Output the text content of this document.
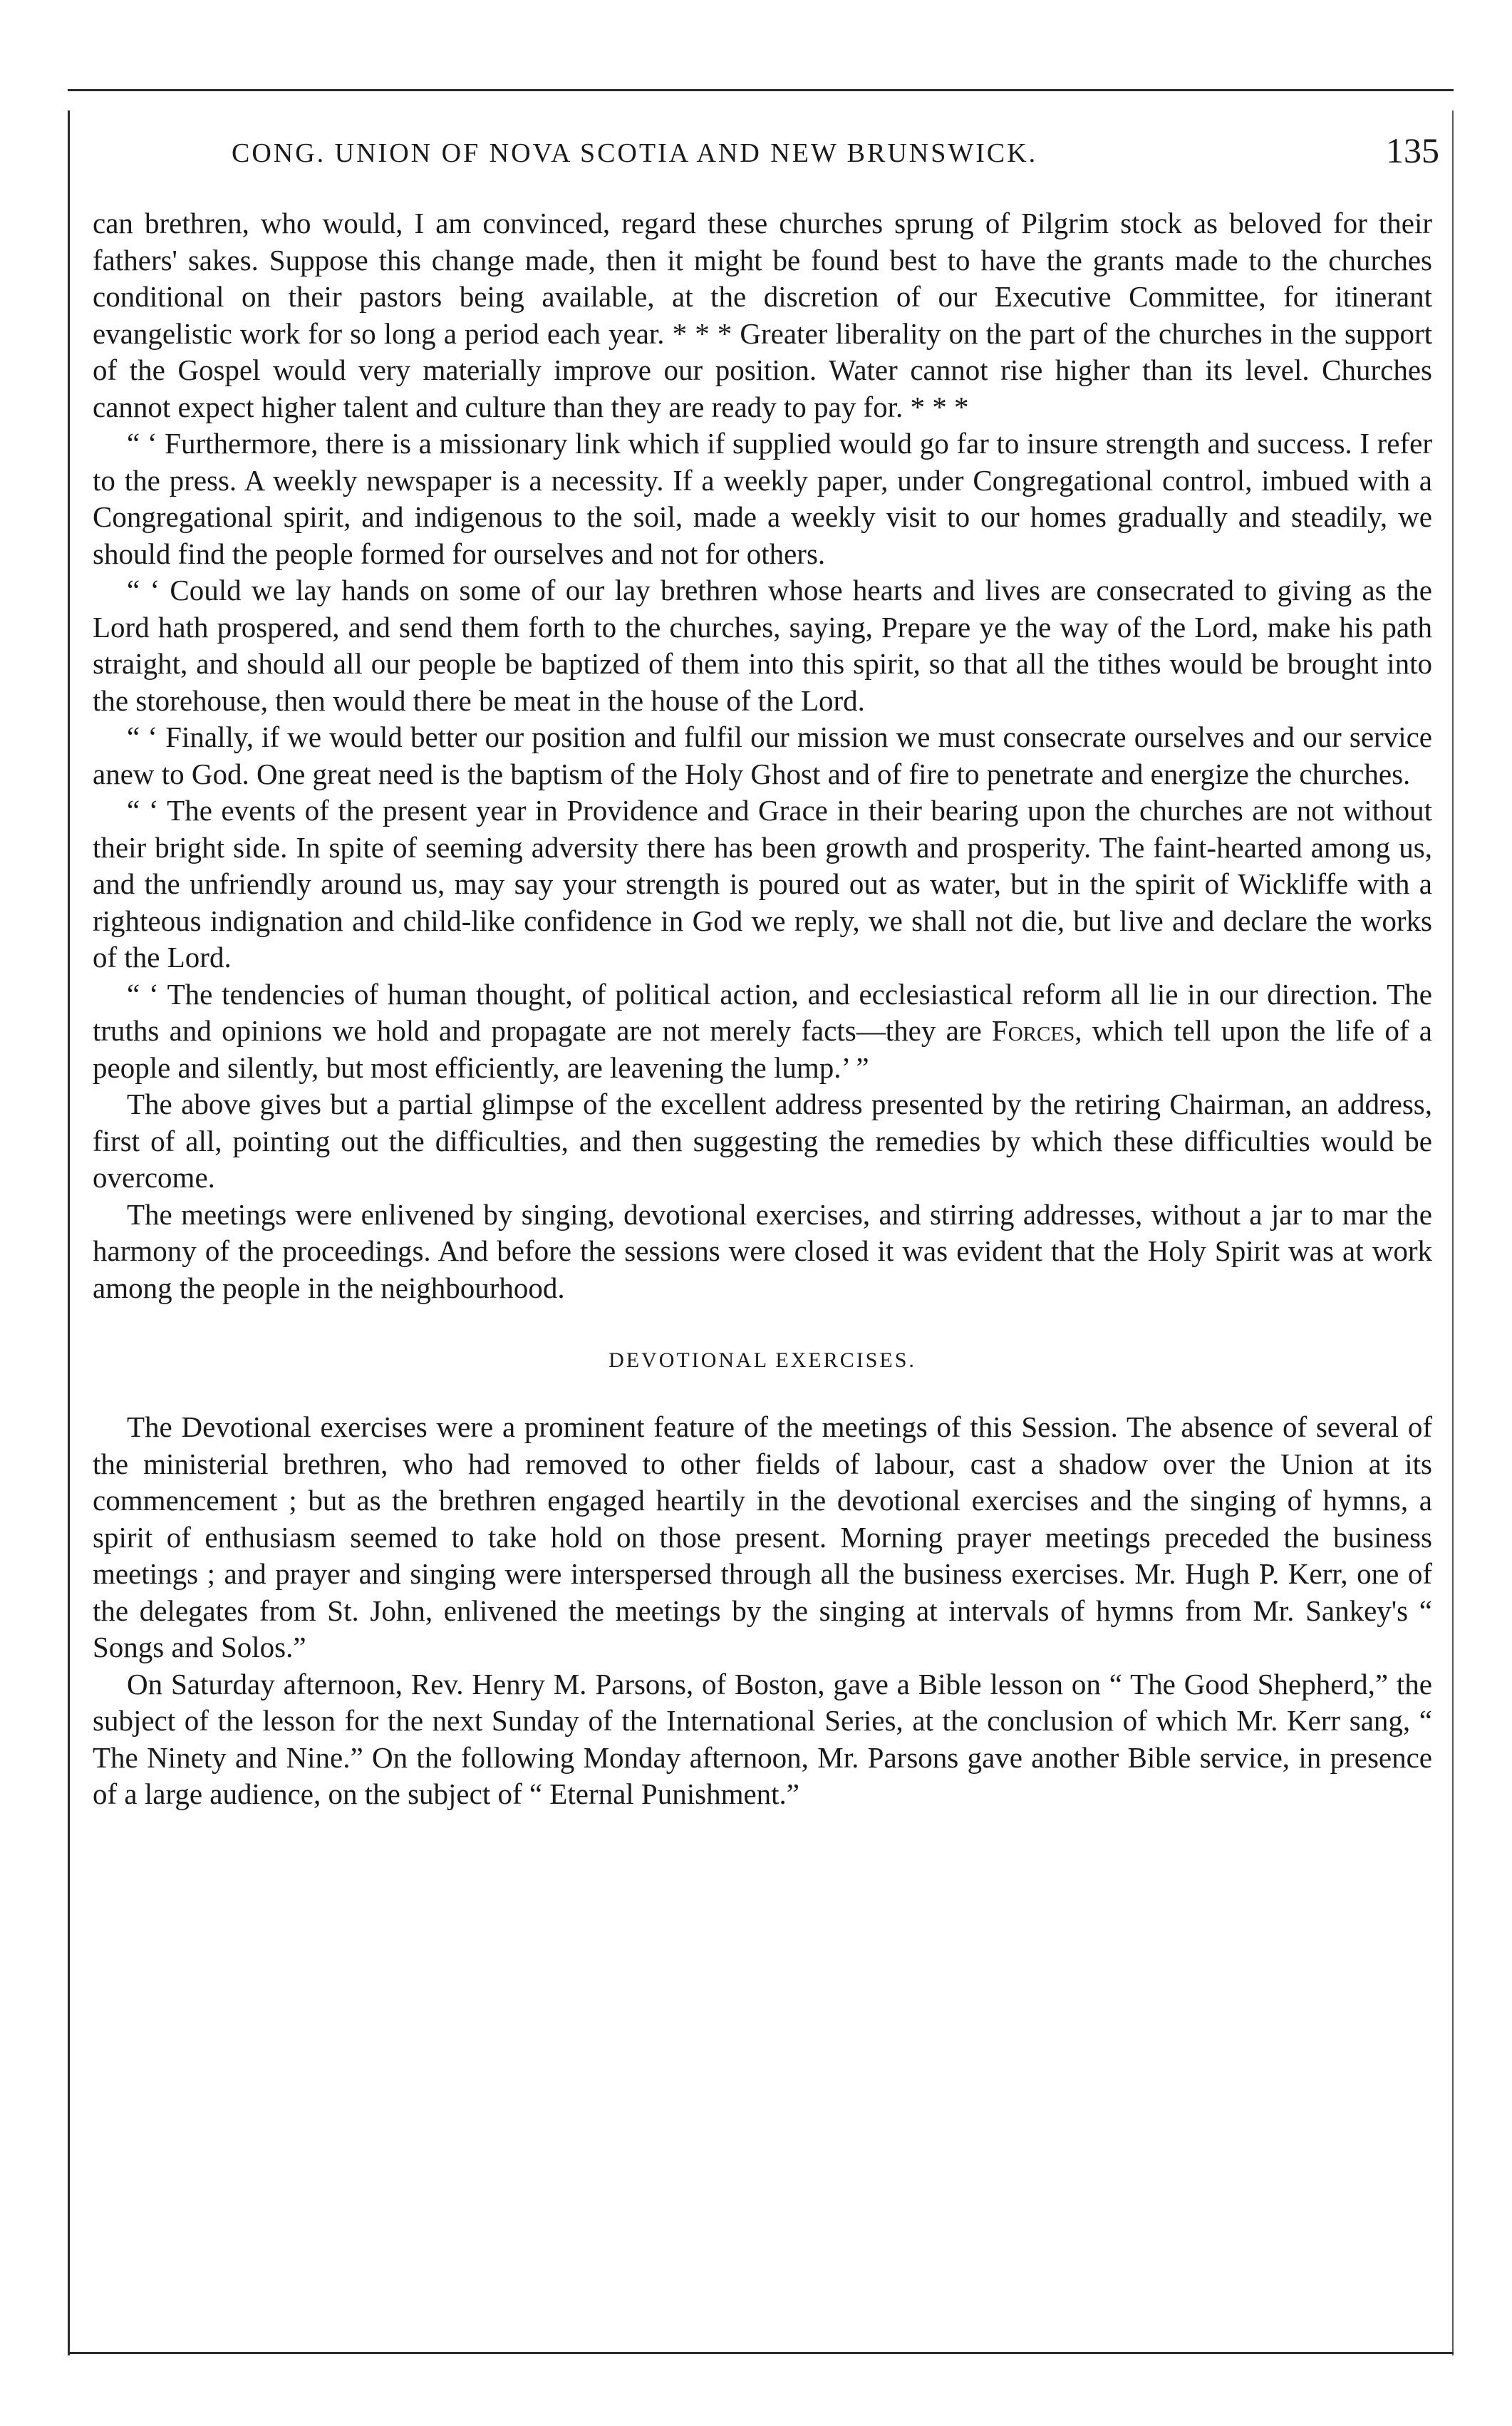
CONG. UNION OF NOVA SCOTIA AND NEW BRUNSWICK.	135

can brethren, who would, I am convinced, regard these churches sprung of Pilgrim stock as beloved for their fathers' sakes. Suppose this change made, then it might be found best to have the grants made to the churches conditional on their pastors being available, at the discretion of our Executive Committee, for itinerant evangelistic work for so long a period each year. * * * Greater liberality on the part of the churches in the support of the Gospel would very materially improve our position. Water cannot rise higher than its level. Churches cannot expect higher talent and culture than they are ready to pay for. * * *

“ ‘ Furthermore, there is a missionary link which if supplied would go far to insure strength and success. I refer to the press. A weekly newspaper is a necessity. If a weekly paper, under Congregational control, imbued with a Congregational spirit, and indigenous to the soil, made a weekly visit to our homes gradually and steadily, we should find the people formed for ourselves and not for others.

“ ‘ Could we lay hands on some of our lay brethren whose hearts and lives are consecrated to giving as the Lord hath prospered, and send them forth to the churches, saying, Prepare ye the way of the Lord, make his path straight, and should all our people be baptized of them into this spirit, so that all the tithes would be brought into the storehouse, then would there be meat in the house of the Lord.

“ ‘ Finally, if we would better our position and fulfil our mission we must consecrate ourselves and our service anew to God. One great need is the baptism of the Holy Ghost and of fire to penetrate and energize the churches.

“ ‘ The events of the present year in Providence and Grace in their bearing upon the churches are not without their bright side. In spite of seeming adversity there has been growth and prosperity. The faint-hearted among us, and the unfriendly around us, may say your strength is poured out as water, but in the spirit of Wickliffe with a righteous indignation and child-like confidence in God we reply, we shall not die, but live and declare the works of the Lord.

“ ‘ The tendencies of human thought, of political action, and ecclesiastical reform all lie in our direction. The truths and opinions we hold and propagate are not merely facts—they are Forces, which tell upon the life of a people and silently, but most efficiently, are leavening the lump.’ ”

The above gives but a partial glimpse of the excellent address presented by the retiring Chairman, an address, first of all, pointing out the difficulties, and then suggesting the remedies by which these difficulties would be overcome.

The meetings were enlivened by singing, devotional exercises, and stirring addresses, without a jar to mar the harmony of the proceedings. And before the sessions were closed it was evident that the Holy Spirit was at work among the people in the neighbourhood.

DEVOTIONAL EXERCISES.

The Devotional exercises were a prominent feature of the meetings of this Session. The absence of several of the ministerial brethren, who had removed to other fields of labour, cast a shadow over the Union at its commencement ; but as the brethren engaged heartily in the devotional exercises and the singing of hymns, a spirit of enthusiasm seemed to take hold on those present. Morning prayer meetings preceded the business meetings ; and prayer and singing were interspersed through all the business exercises. Mr. Hugh P. Kerr, one of the delegates from St. John, enlivened the meetings by the singing at intervals of hymns from Mr. Sankey's “ Songs and Solos.”

On Saturday afternoon, Rev. Henry M. Parsons, of Boston, gave a Bible lesson on “ The Good Shepherd,” the subject of the lesson for the next Sunday of the International Series, at the conclusion of which Mr. Kerr sang, “ The Ninety and Nine.” On the following Monday afternoon, Mr. Parsons gave another Bible service, in presence of a large audience, on the subject of “ Eternal Punishment.”
